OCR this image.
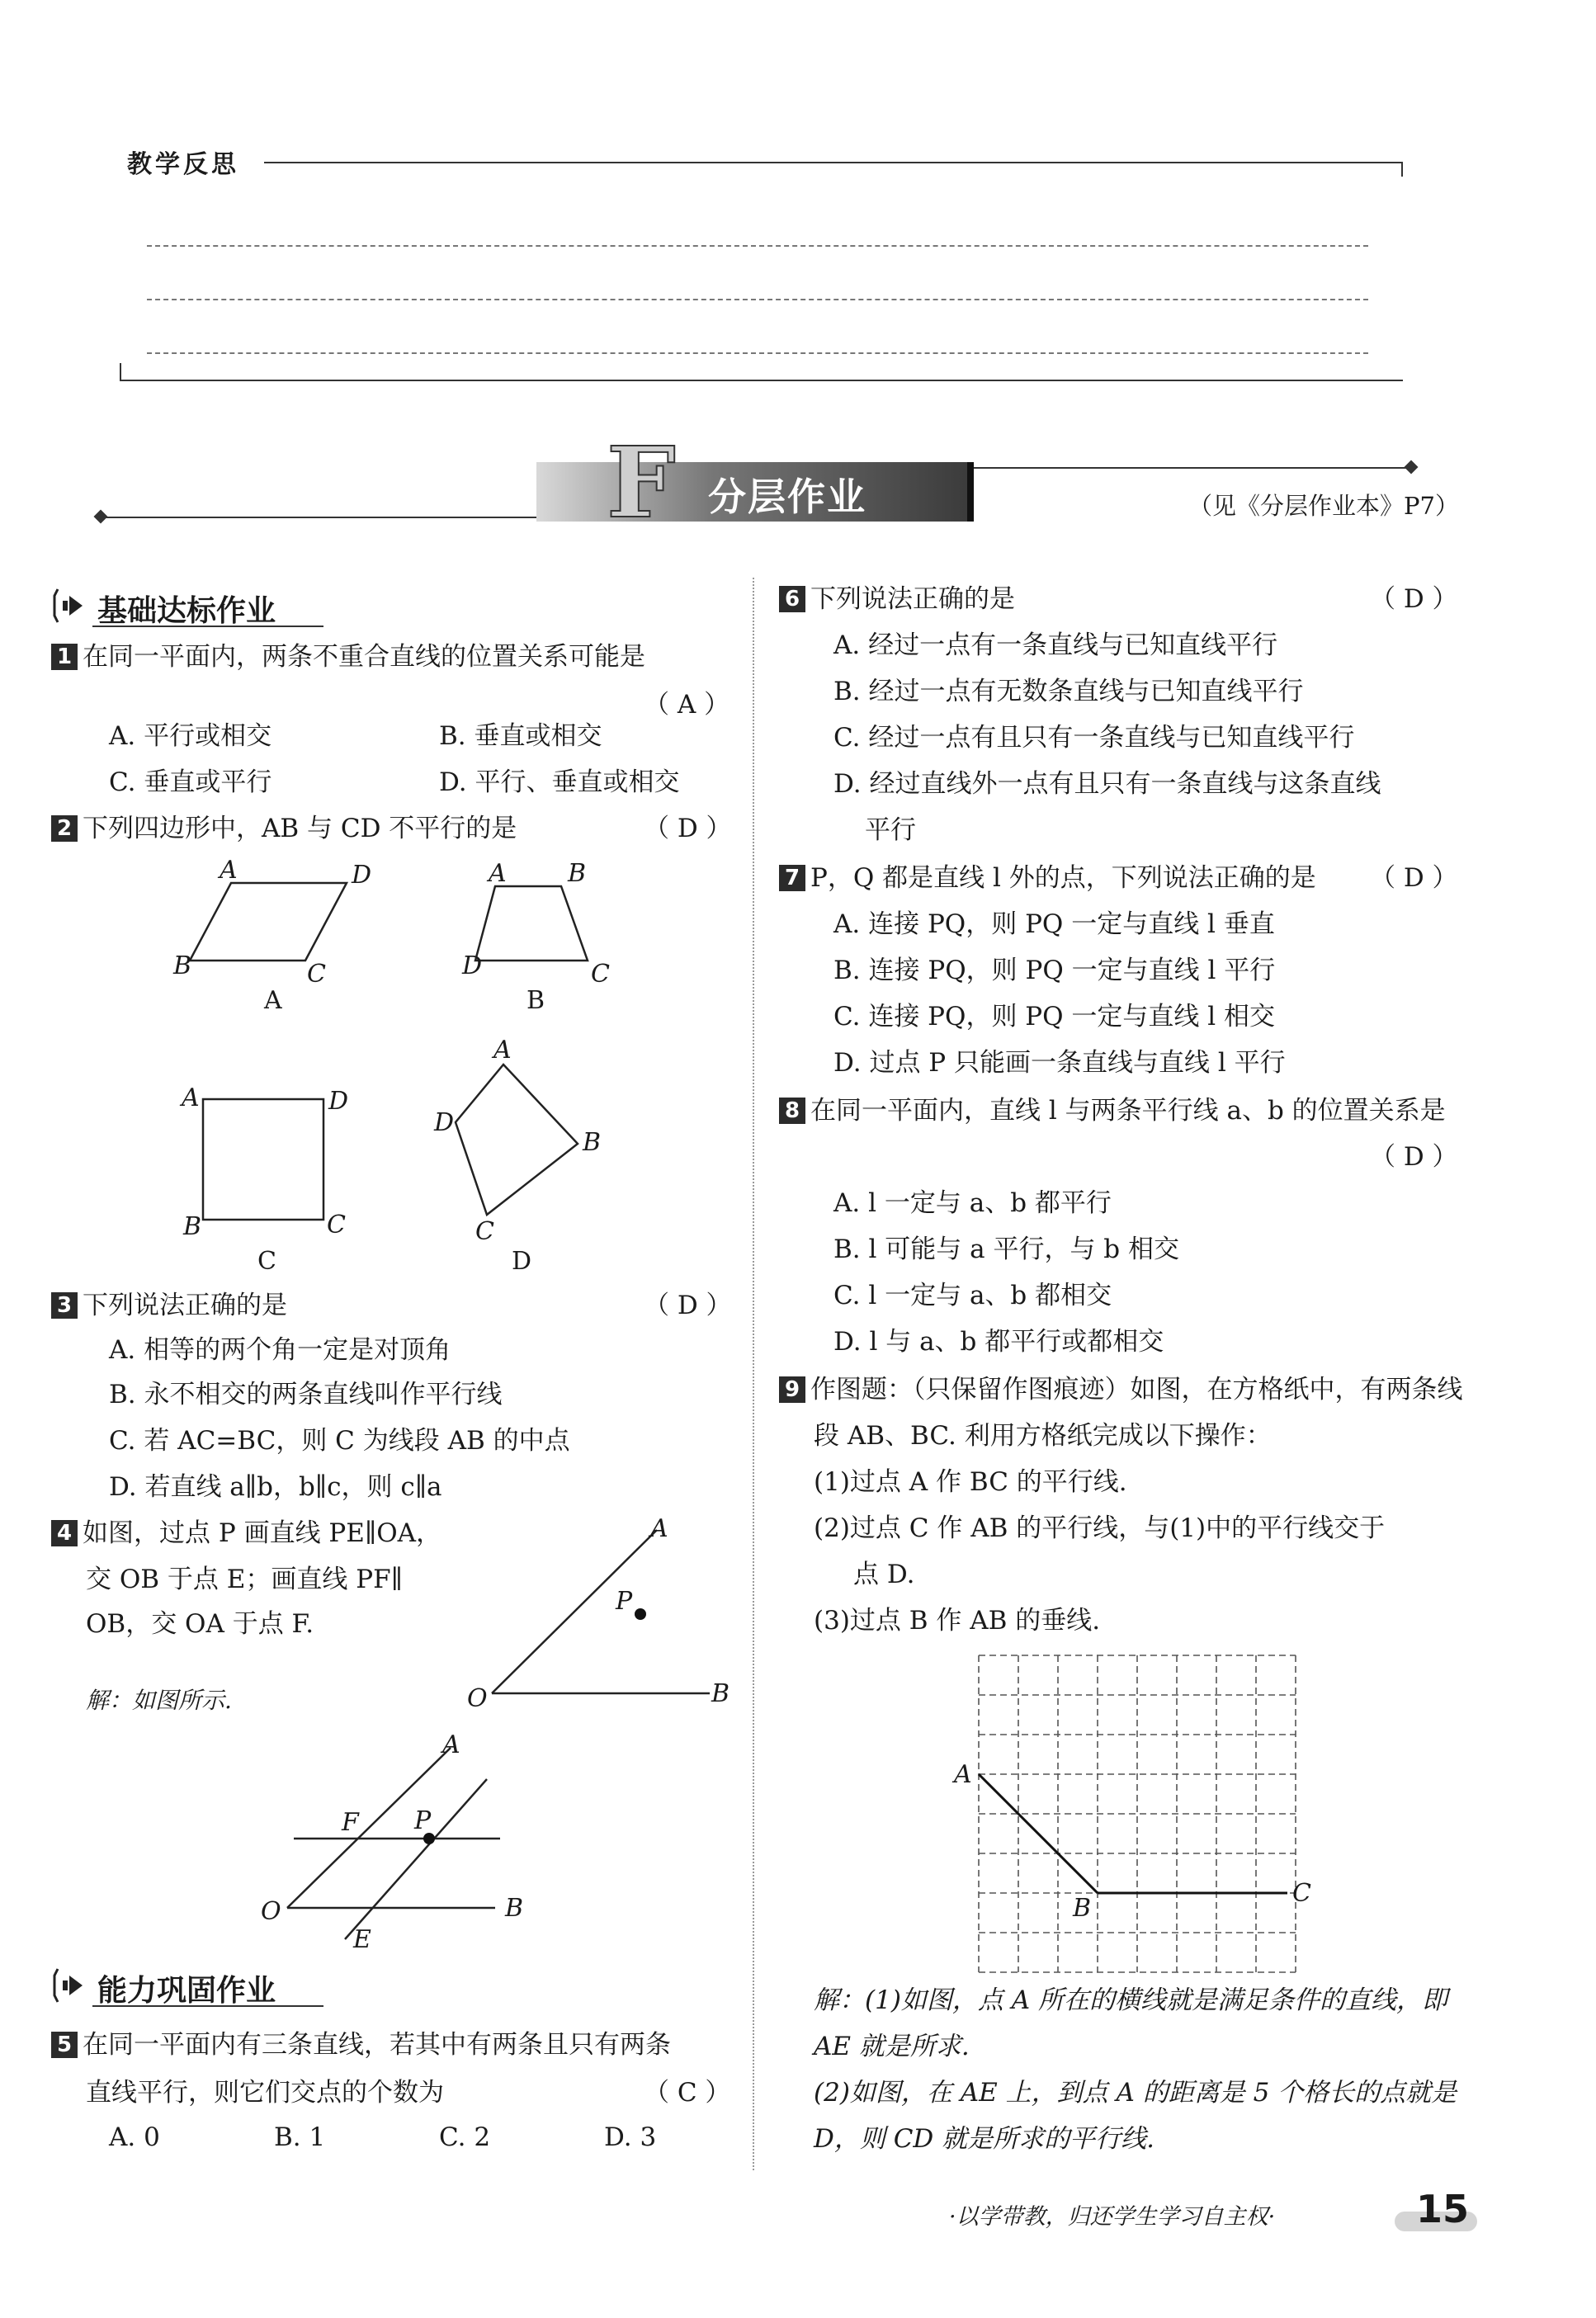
教学反思
F 分层作业	（见《分层作业本》P7）
基础达标作业
1 在同一平面内，两条不重合直线的位置关系可能是
（ A ）
A. 平行或相交	B. 垂直或相交
C. 垂直或平行	D. 平行、垂直或相交
2 下列四边形中，AB 与 CD 不平行的是	（ D ）
A	D
B	C
A
A B
D	C
B
A	D
B	C
C
A
B
C
D
D
3 下列说法正确的是	（ D ）
A. 相等的两个角一定是对顶角
B. 永不相交的两条直线叫作平行线
C. 若 AC=BC，则 C 为线段 AB 的中点
D. 若直线 a∥b，b∥c，则 c∥a
4 如图，过点 P 画直线 PE∥OA，
交 OB 于点 E；画直线 PF∥
OB，交 OA 于点 F.
解：如图所示.
A
P
O	B
A
F P
O	B
E
能力巩固作业
5 在同一平面内有三条直线，若其中有两条且只有两条
直线平行，则它们交点的个数为	（ C ）
A. 0	B. 1	C. 2	D. 3
6 下列说法正确的是	（ D ）
A. 经过一点有一条直线与已知直线平行
B. 经过一点有无数条直线与已知直线平行
C. 经过一点有且只有一条直线与已知直线平行
D. 经过直线外一点有且只有一条直线与这条直线
平行
7 P，Q 都是直线 l 外的点，下列说法正确的是 （ D ）
A. 连接 PQ，则 PQ 一定与直线 l 垂直
B. 连接 PQ，则 PQ 一定与直线 l 平行
C. 连接 PQ，则 PQ 一定与直线 l 相交
D. 过点 P 只能画一条直线与直线 l 平行
8 在同一平面内，直线 l 与两条平行线 a、b 的位置关系是
（ D ）
A. l 一定与 a、b 都平行
B. l 可能与 a 平行，与 b 相交
C. l 一定与 a、b 都相交
D. l 与 a、b 都平行或都相交
9 作图题：（只保留作图痕迹）如图，在方格纸中，有两条线
段 AB、BC. 利用方格纸完成以下操作：
(1)过点 A 作 BC 的平行线.
(2)过点 C 作 AB 的平行线，与(1)中的平行线交于
点 D.
(3)过点 B 作 AB 的垂线.
A
B
C
解：(1)如图，点 A 所在的横线就是满足条件的直线，即
AE 就是所求.
(2)如图，在 AE 上，到点 A 的距离是 5 个格长的点就是
D，则 CD 就是所求的平行线.
·以学带教，归还学生学习自主权·	15
